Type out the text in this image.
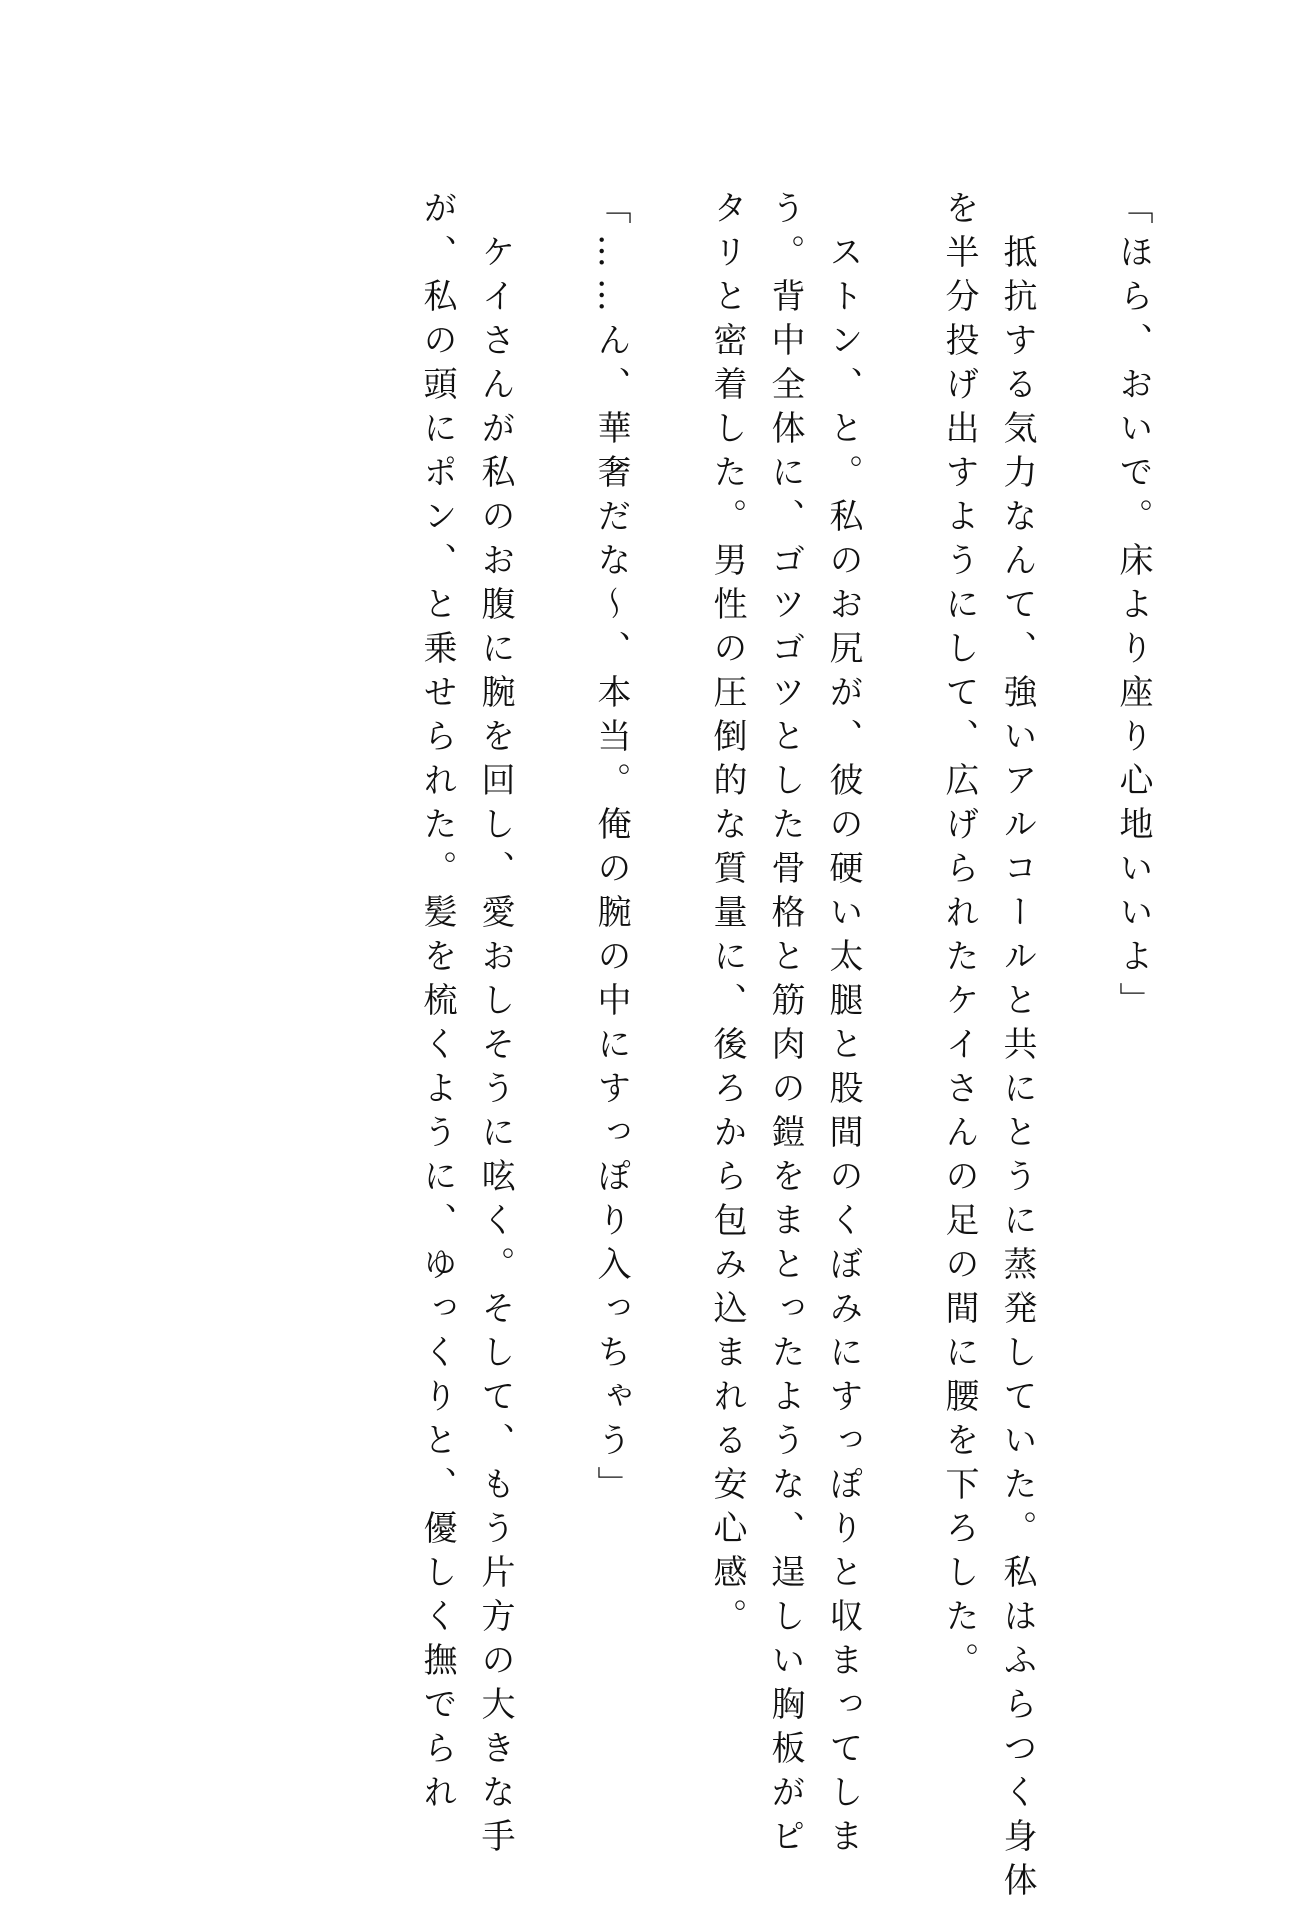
「ほら、おいで。床より座り心地いいよ」

　抵抗する気力なんて、強いアルコールと共にとうに蒸発していた。私はふらつく身体
を半分投げ出すようにして、広げられたケイさんの足の間に腰を下ろした。

　ストン、と。私のお尻が、彼の硬い太腿と股間のくぼみにすっぽりと収まってしま
う。背中全体に、ゴツゴツとした骨格と筋肉の鎧をまとったような、逞しい胸板がピ
タリと密着した。男性の圧倒的な質量に、後ろから包み込まれる安心感。

「……ん、華奢だな〜、本当。俺の腕の中にすっぽり入っちゃう」

　ケイさんが私のお腹に腕を回し、愛おしそうに呟く。そして、もう片方の大きな手
が、私の頭にポン、と乗せられた。髪を梳くように、ゆっくりと、優しく撫でられ
